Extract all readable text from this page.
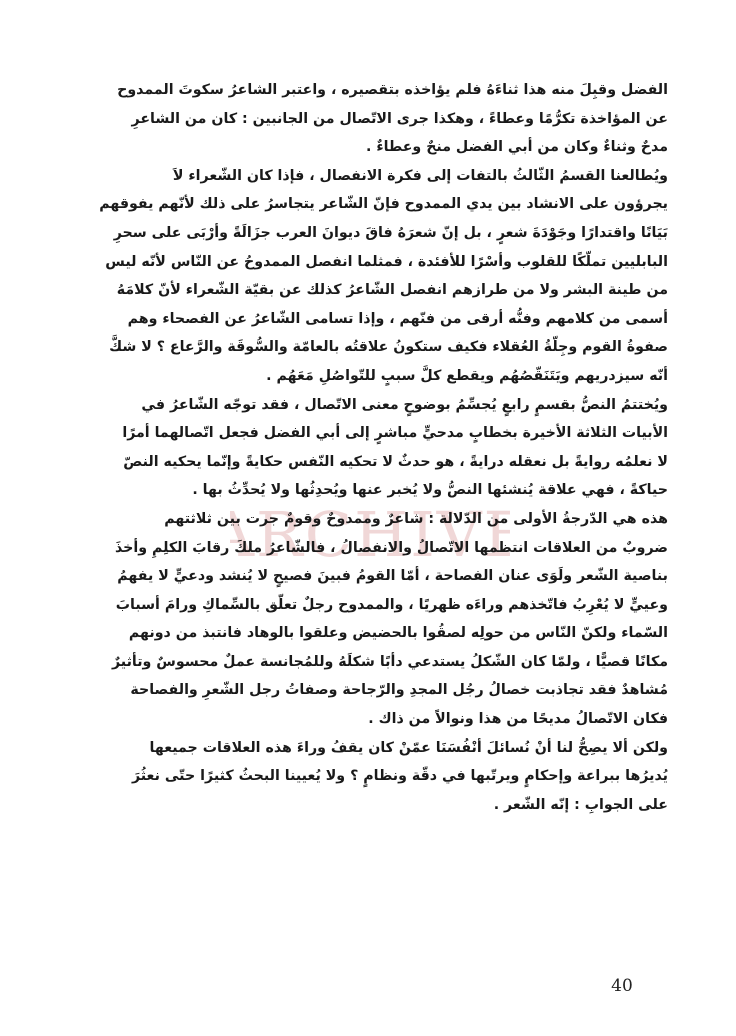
ARCHIVE
الفضل وقبِلَ منه هذا ثناءَهُ فلم يؤاخذه بتقصيره ، واعتبر الشاعرُ سكوتَ الممدوح
عن المؤاخذة تكرُّمًا وعطاءً ، وهكذا جرى الاتّصال من الجانبين : كان من الشاعرِ
مدحٌ وثناءٌ وكان من أبي الفضل منحٌ وعطاءٌ .
ويُطالعنا القسمُ الثّالثُ بالتفات إلى فكرة الانفصال ، فإذا كان الشّعراء لاَ
يجرؤون على الانشاد بين يدي الممدوح فإنّ الشّاعر يتجاسرُ على ذلك لأنّهم يفوقهم
بَيَانًا واقتدارًا وجَوْدَةَ شعرٍ ، بل إنّ شعرَهُ فاقَ ديوانَ العرب جزَالَةً وأرْبَى على سحرِ
البابليين تملّكًا للقلوب وأسْرًا للأفئدة ، فمثلما انفصل الممدوحُ عن النّاس لأنّه ليس
من طينة البشر ولا من طرازهم انفصل الشّاعرُ كذلك عن بقيّة الشّعراء لأنّ كلامَهُ
أسمى من كلامهم وفنُّه أرقى من فنّهم ، وإذا تسامى الشّاعرُ عن الفصحاء وهم
صفوةُ القوم وجِلّةُ العُقلاء فكيف ستكونُ علاقتُه بالعامّة والسُّوقَة والرَّعاع ؟ لا شكَّ
أنّه سيزدريهم ويَتَنَقّصُهُم ويقطع كلَّ سببٍ للتّواصُلِ مَعَهُم .
ويُختتمُ النصُّ بقسمٍ رابعٍ يُجسِّمُ بوضوحٍ معنى الاتّصال ، فقد توجّه الشّاعرُ في
الأبيات الثلاثة الأخيرة بخطابٍ مدحيٍّ مباشرٍ إلى أبي الفضل فجعل اتّصالهما أمرًا
لا نعلمُه روايةً بل نعقله درايةً ، هو حدثٌ لا تحكيه النّفس حكايةً وإنّما يحكيه النصّ
حياكةً ، فهي علاقة يُنشئها النصُّ ولا يُخبر عنها ويُحدِثُها ولا يُحدِّثُ بها .
هذه هي الدّرجةُ الأولى من الدّلالة : شاعرٌ وممدوحٌ وقومٌ جرت بين ثلاثتهم
ضروبٌ من العلاقات انتظمها الاتّصالُ والانفصالُ ، فالشّاعرُ ملكَ رقابَ الكلِمِ وأخذَ
بناصية الشّعر ولَوَى عنان الفصاحة ، أمّا القومُ فبينَ فصيحٍ لا يُنشد ودعيٍّ لا يفهمُ
وعييٍّ لا يُعْرِبُ فاتّخذهم وراءَه ظهريًا ، والممدوح رجلٌ تعلّق بالسِّماكِ ورامَ أسبابَ
السّماء ولكنّ النّاس من حولِه لصقُوا بالحضيض وعلقوا بالوهاد فانتبذ من دونهم
مكانًا قصيًّا ، ولمّا كان الشّكلُ يستدعي دأبًا شكلَهُ وللمُجانسة عملٌ محسوسٌ وتأثيرٌ
مُشاهدٌ فقد تجاذبت خصالُ رجُل المجدِ والرّجاحة وصفاتُ رجل الشّعرِ والفصاحة
فكان الاتّصالُ مديحًا من هذا ونوالاً من ذاك .
ولكن ألا يصِحُّ لنا أنْ نُسائلَ أنْفُسَنَا عمّنْ كان يقفُ وراءَ هذه العلاقات جميعها
يُديرُها ببراعة وإحكامٍ ويرتّبها في دقّة ونظامٍ ؟ ولا يُعيينا البحثُ كثيرًا حتّى نعثُرَ
على الجوابِ : إنّه الشّعر .
40
